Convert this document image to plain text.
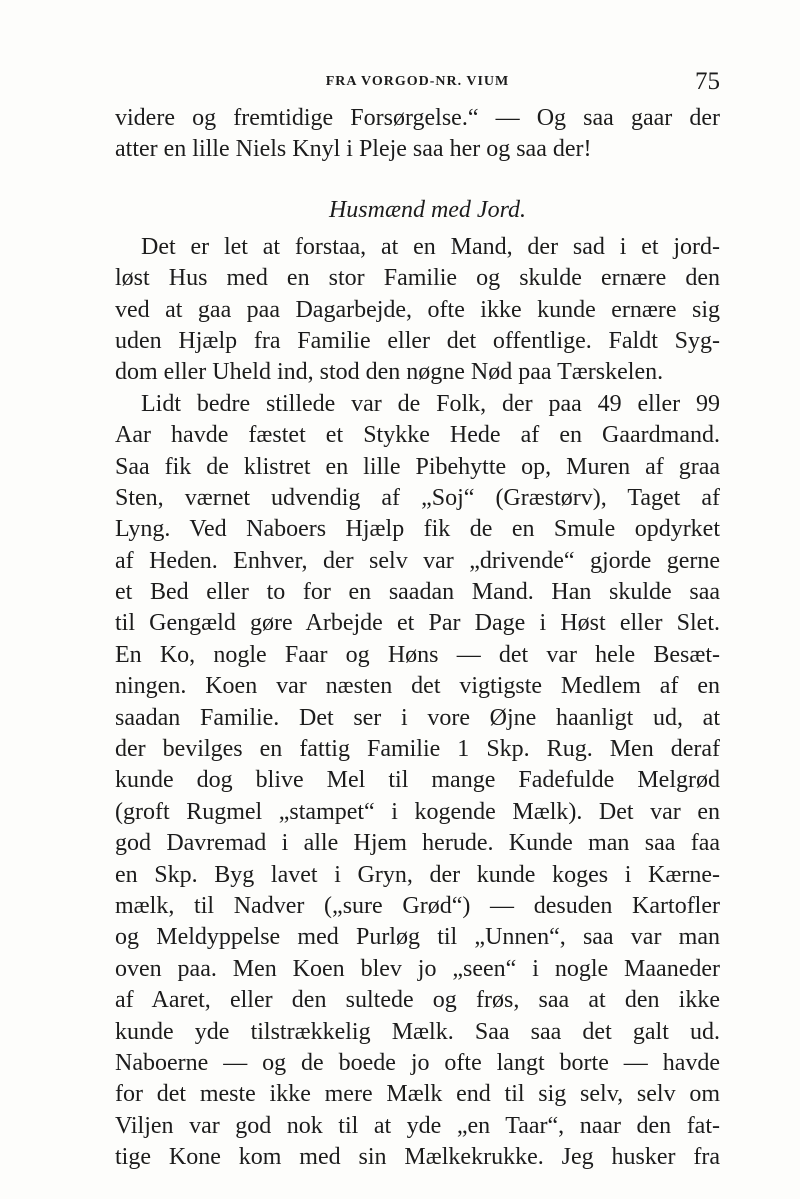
FRA VORGOD-NR. VIUM	75
videre og fremtidige Forsørgelse.“ — Og saa gaar der
atter en lille Niels Knyl i Pleje saa her og saa der!
Husmænd med Jord.
Det er let at forstaa, at en Mand, der sad i et jord-
løst Hus med en stor Familie og skulde ernære den
ved at gaa paa Dagarbejde, ofte ikke kunde ernære sig
uden Hjælp fra Familie eller det offentlige. Faldt Syg-
dom eller Uheld ind, stod den nøgne Nød paa Tærskelen.
Lidt bedre stillede var de Folk, der paa 49 eller 99
Aar havde fæstet et Stykke Hede af en Gaardmand.
Saa fik de klistret en lille Pibehytte op, Muren af graa
Sten, værnet udvendig af „Soj“ (Græstørv), Taget af
Lyng. Ved Naboers Hjælp fik de en Smule opdyrket
af Heden. Enhver, der selv var „drivende“ gjorde gerne
et Bed eller to for en saadan Mand. Han skulde saa
til Gengæld gøre Arbejde et Par Dage i Høst eller Slet.
En Ko, nogle Faar og Høns — det var hele Besæt-
ningen. Koen var næsten det vigtigste Medlem af en
saadan Familie. Det ser i vore Øjne haanligt ud, at
der bevilges en fattig Familie 1 Skp. Rug. Men deraf
kunde dog blive Mel til mange Fadefulde Melgrød
(groft Rugmel „stampet“ i kogende Mælk). Det var en
god Davremad i alle Hjem herude. Kunde man saa faa
en Skp. Byg lavet i Gryn, der kunde koges i Kærne-
mælk, til Nadver („sure Grød“) — desuden Kartofler
og Meldyppelse med Purløg til „Unnen“, saa var man
oven paa. Men Koen blev jo „seen“ i nogle Maaneder
af Aaret, eller den sultede og frøs, saa at den ikke
kunde yde tilstrækkelig Mælk. Saa saa det galt ud.
Naboerne — og de boede jo ofte langt borte — havde
for det meste ikke mere Mælk end til sig selv, selv om
Viljen var god nok til at yde „en Taar“, naar den fat-
tige Kone kom med sin Mælkekrukke. Jeg husker fra
